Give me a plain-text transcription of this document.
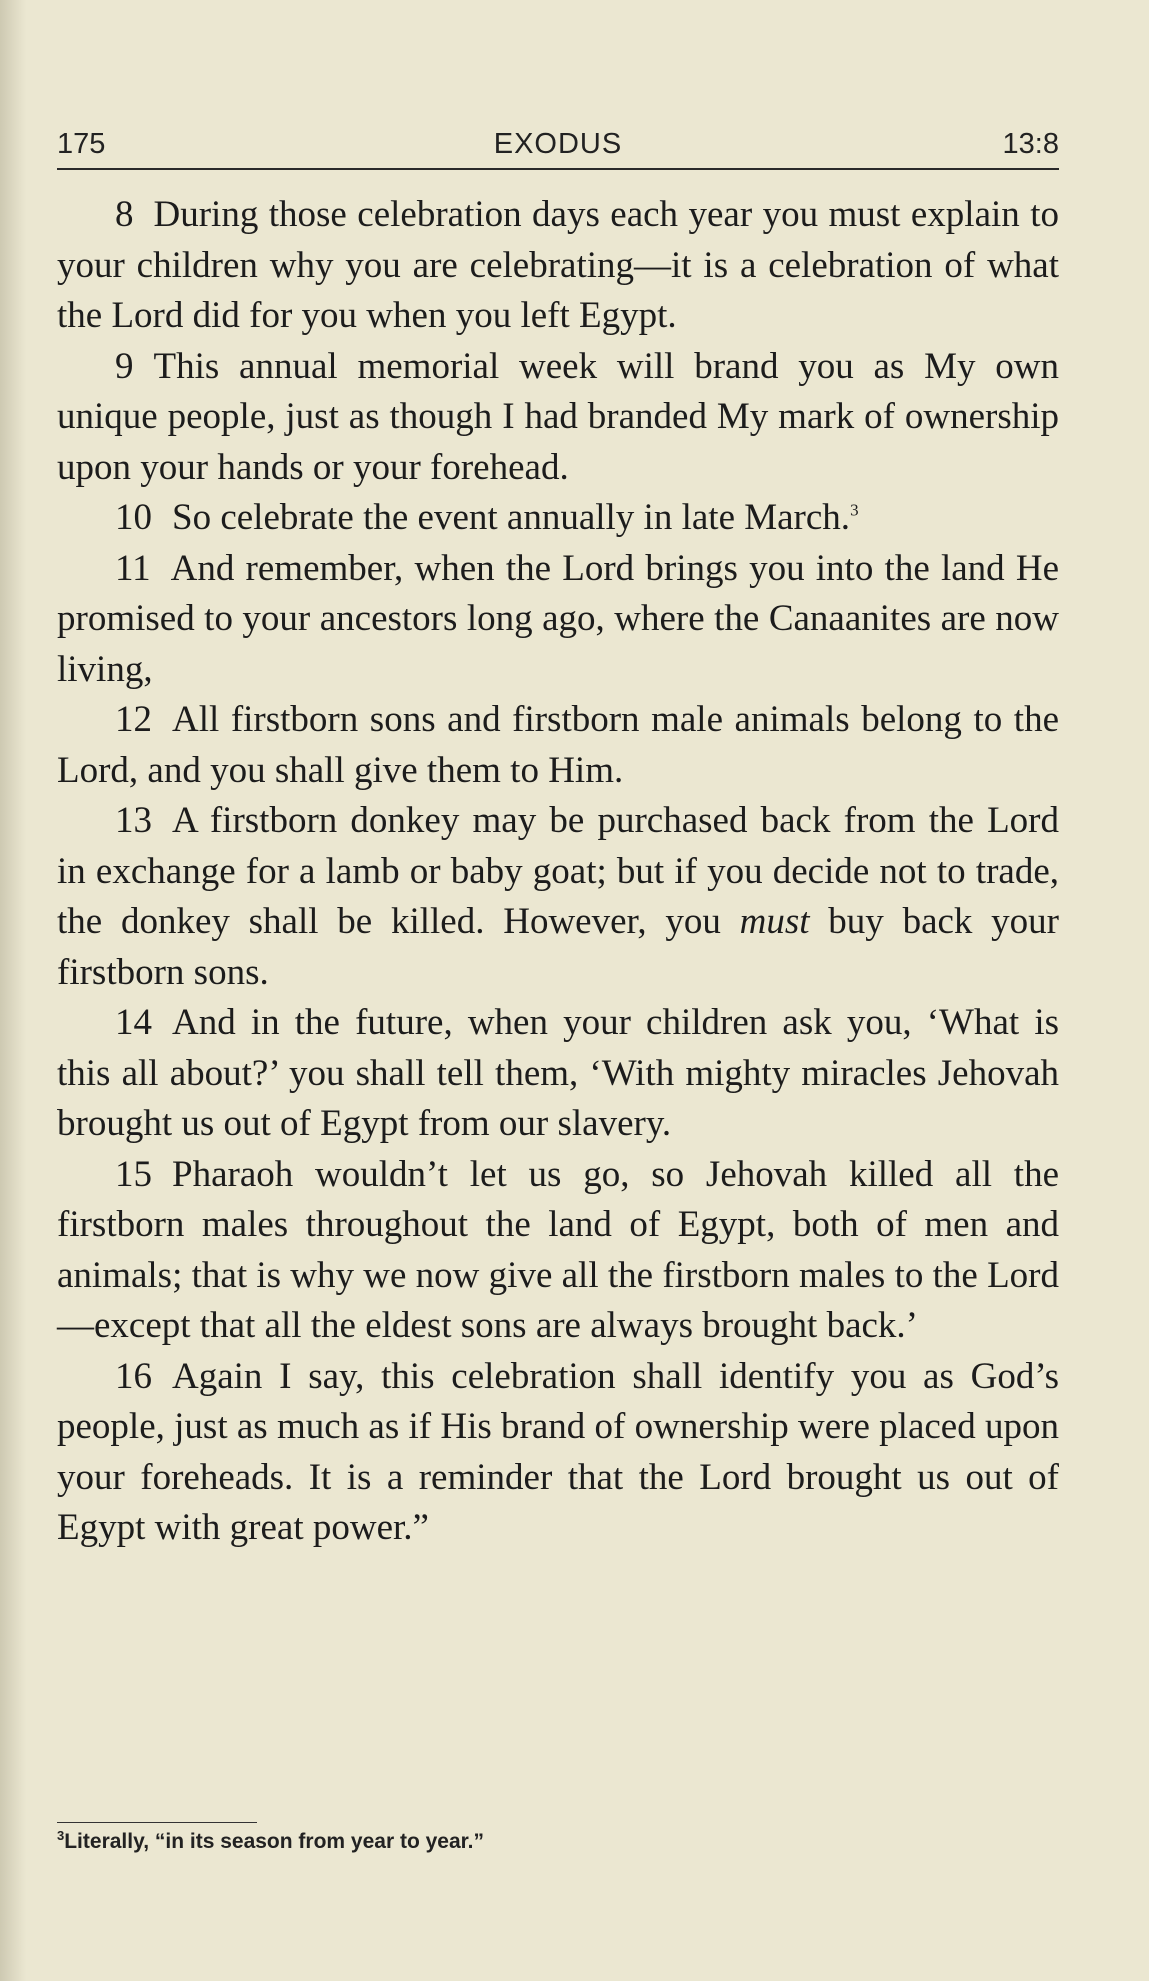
175	EXODUS	13:8

8 During those celebration days each year you must explain to your children why you are celebrating—it is a celebration of what the Lord did for you when you left Egypt.

9 This annual memorial week will brand you as My own unique people, just as though I had branded My mark of ownership upon your hands or your forehead.

10 So celebrate the event annually in late March.$^3$

11 And remember, when the Lord brings you into the land He promised to your ancestors long ago, where the Canaanites are now living,

12 All firstborn sons and firstborn male animals belong to the Lord, and you shall give them to Him.

13 A firstborn donkey may be purchased back from the Lord in exchange for a lamb or baby goat; but if you decide not to trade, the donkey shall be killed. However, you must buy back your firstborn sons.

14 And in the future, when your children ask you, ‘What is this all about?’ you shall tell them, ‘With mighty miracles Jehovah brought us out of Egypt from our slavery.

15 Pharaoh wouldn’t let us go, so Jehovah killed all the firstborn males throughout the land of Egypt, both of men and animals; that is why we now give all the firstborn males to the Lord—except that all the eldest sons are always brought back.’

16 Again I say, this celebration shall identify you as God’s people, just as much as if His brand of ownership were placed upon your foreheads. It is a reminder that the Lord brought us out of Egypt with great power.”

$^3$Literally, “in its season from year to year.”
